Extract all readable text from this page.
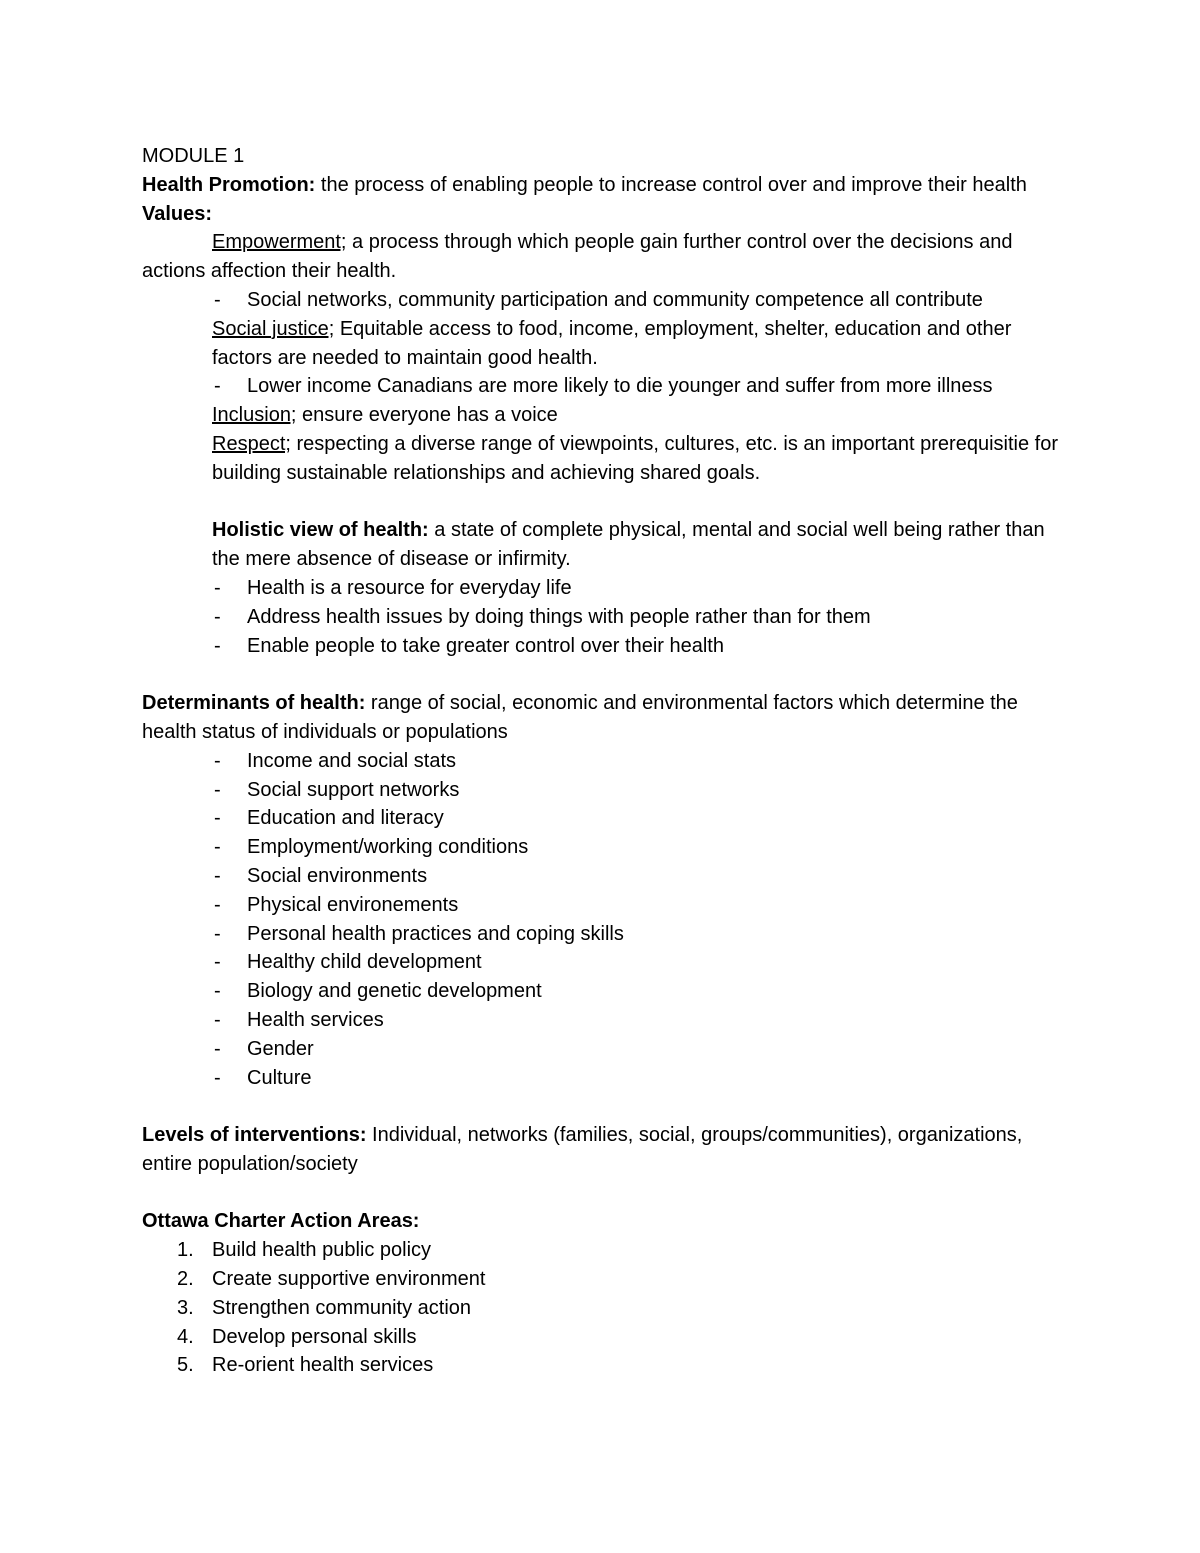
MODULE 1

Health Promotion: the process of enabling people to increase control over and improve their health

Values:

Empowerment; a process through which people gain further control over the decisions and actions affection their health.

- Social networks, community participation and community competence all contribute

Social justice; Equitable access to food, income, employment, shelter, education and other factors are needed to maintain good health.

- Lower income Canadians are more likely to die younger and suffer from more illness

Inclusion; ensure everyone has a voice

Respect; respecting a diverse range of viewpoints, cultures, etc. is an important prerequisitie for building sustainable relationships and achieving shared goals.

Holistic view of health: a state of complete physical, mental and social well being rather than the mere absence of disease or infirmity.

- Health is a resource for everyday life
- Address health issues by doing things with people rather than for them
- Enable people to take greater control over their health

Determinants of health: range of social, economic and environmental factors which determine the health status of individuals or populations

- Income and social stats
- Social support networks
- Education and literacy
- Employment/working conditions
- Social environments
- Physical environements
- Personal health practices and coping skills
- Healthy child development
- Biology and genetic development
- Health services
- Gender
- Culture

Levels of interventions: Individual, networks (families, social, groups/communities), organizations, entire population/society

Ottawa Charter Action Areas:

1. Build health public policy
2. Create supportive environment
3. Strengthen community action
4. Develop personal skills
5. Re-orient health services
